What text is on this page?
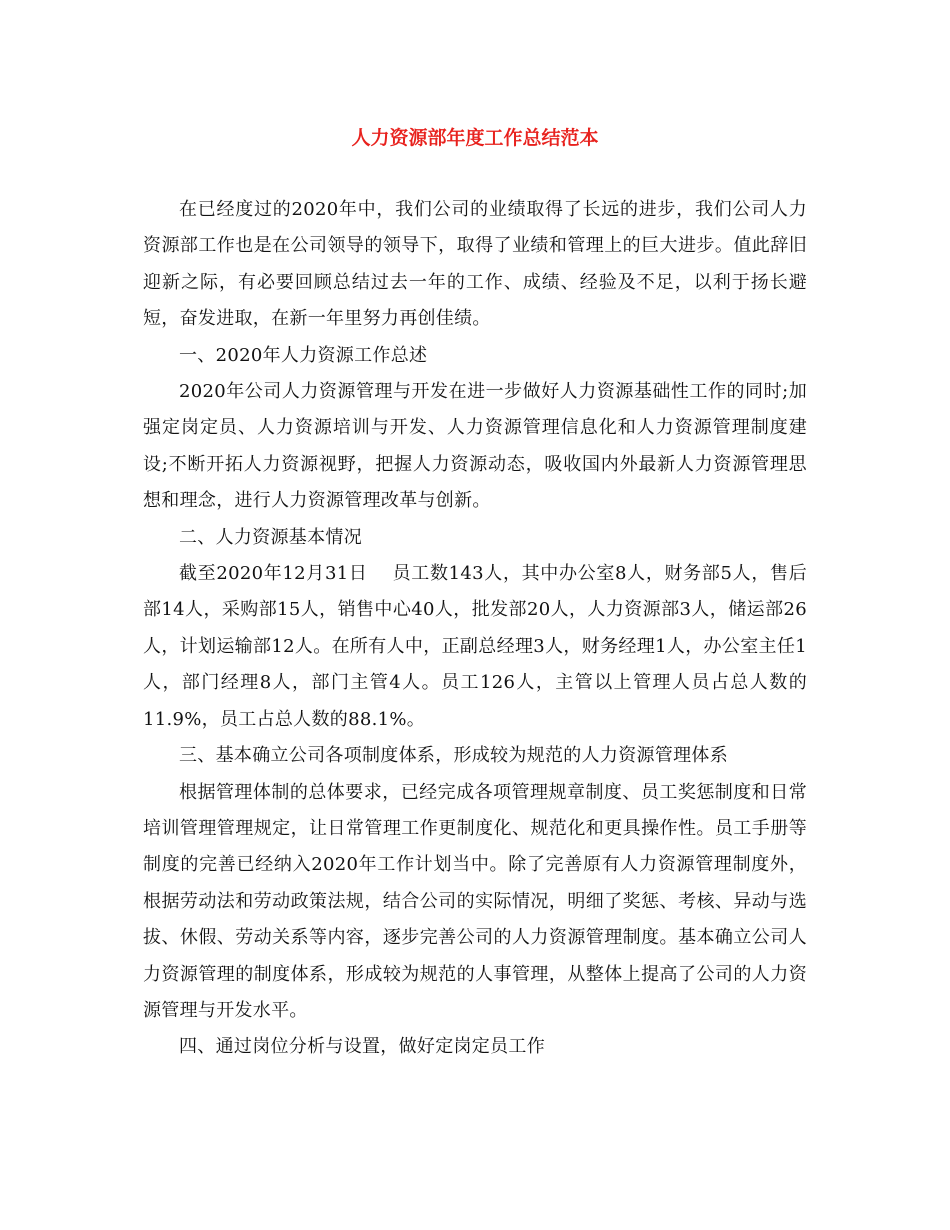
人力资源部年度工作总结范本

在已经度过的2020年中，我们公司的业绩取得了长远的进步，我们公司人力资源部工作也是在公司领导的领导下，取得了业绩和管理上的巨大进步。值此辞旧迎新之际，有必要回顾总结过去一年的工作、成绩、经验及不足，以利于扬长避短，奋发进取，在新一年里努力再创佳绩。

一、2020年人力资源工作总述

2020年公司人力资源管理与开发在进一步做好人力资源基础性工作的同时;加强定岗定员、人力资源培训与开发、人力资源管理信息化和人力资源管理制度建设;不断开拓人力资源视野，把握人力资源动态，吸收国内外最新人力资源管理思想和理念，进行人力资源管理改革与创新。

二、人力资源基本情况

截至2020年12月31日　 员工数143人，其中办公室8人，财务部5人，售后部14人，采购部15人，销售中心40人，批发部20人，人力资源部3人，储运部26人，计划运输部12人。在所有人中，正副总经理3人，财务经理1人，办公室主任1人，部门经理8人，部门主管4人。员工126人，主管以上管理人员占总人数的11.9%，员工占总人数的88.1%。

三、基本确立公司各项制度体系，形成较为规范的人力资源管理体系

根据管理体制的总体要求，已经完成各项管理规章制度、员工奖惩制度和日常培训管理管理规定，让日常管理工作更制度化、规范化和更具操作性。员工手册等制度的完善已经纳入2020年工作计划当中。除了完善原有人力资源管理制度外，根据劳动法和劳动政策法规，结合公司的实际情况，明细了奖惩、考核、异动与选拔、休假、劳动关系等内容，逐步完善公司的人力资源管理制度。基本确立公司人力资源管理的制度体系，形成较为规范的人事管理，从整体上提高了公司的人力资源管理与开发水平。

四、通过岗位分析与设置，做好定岗定员工作
